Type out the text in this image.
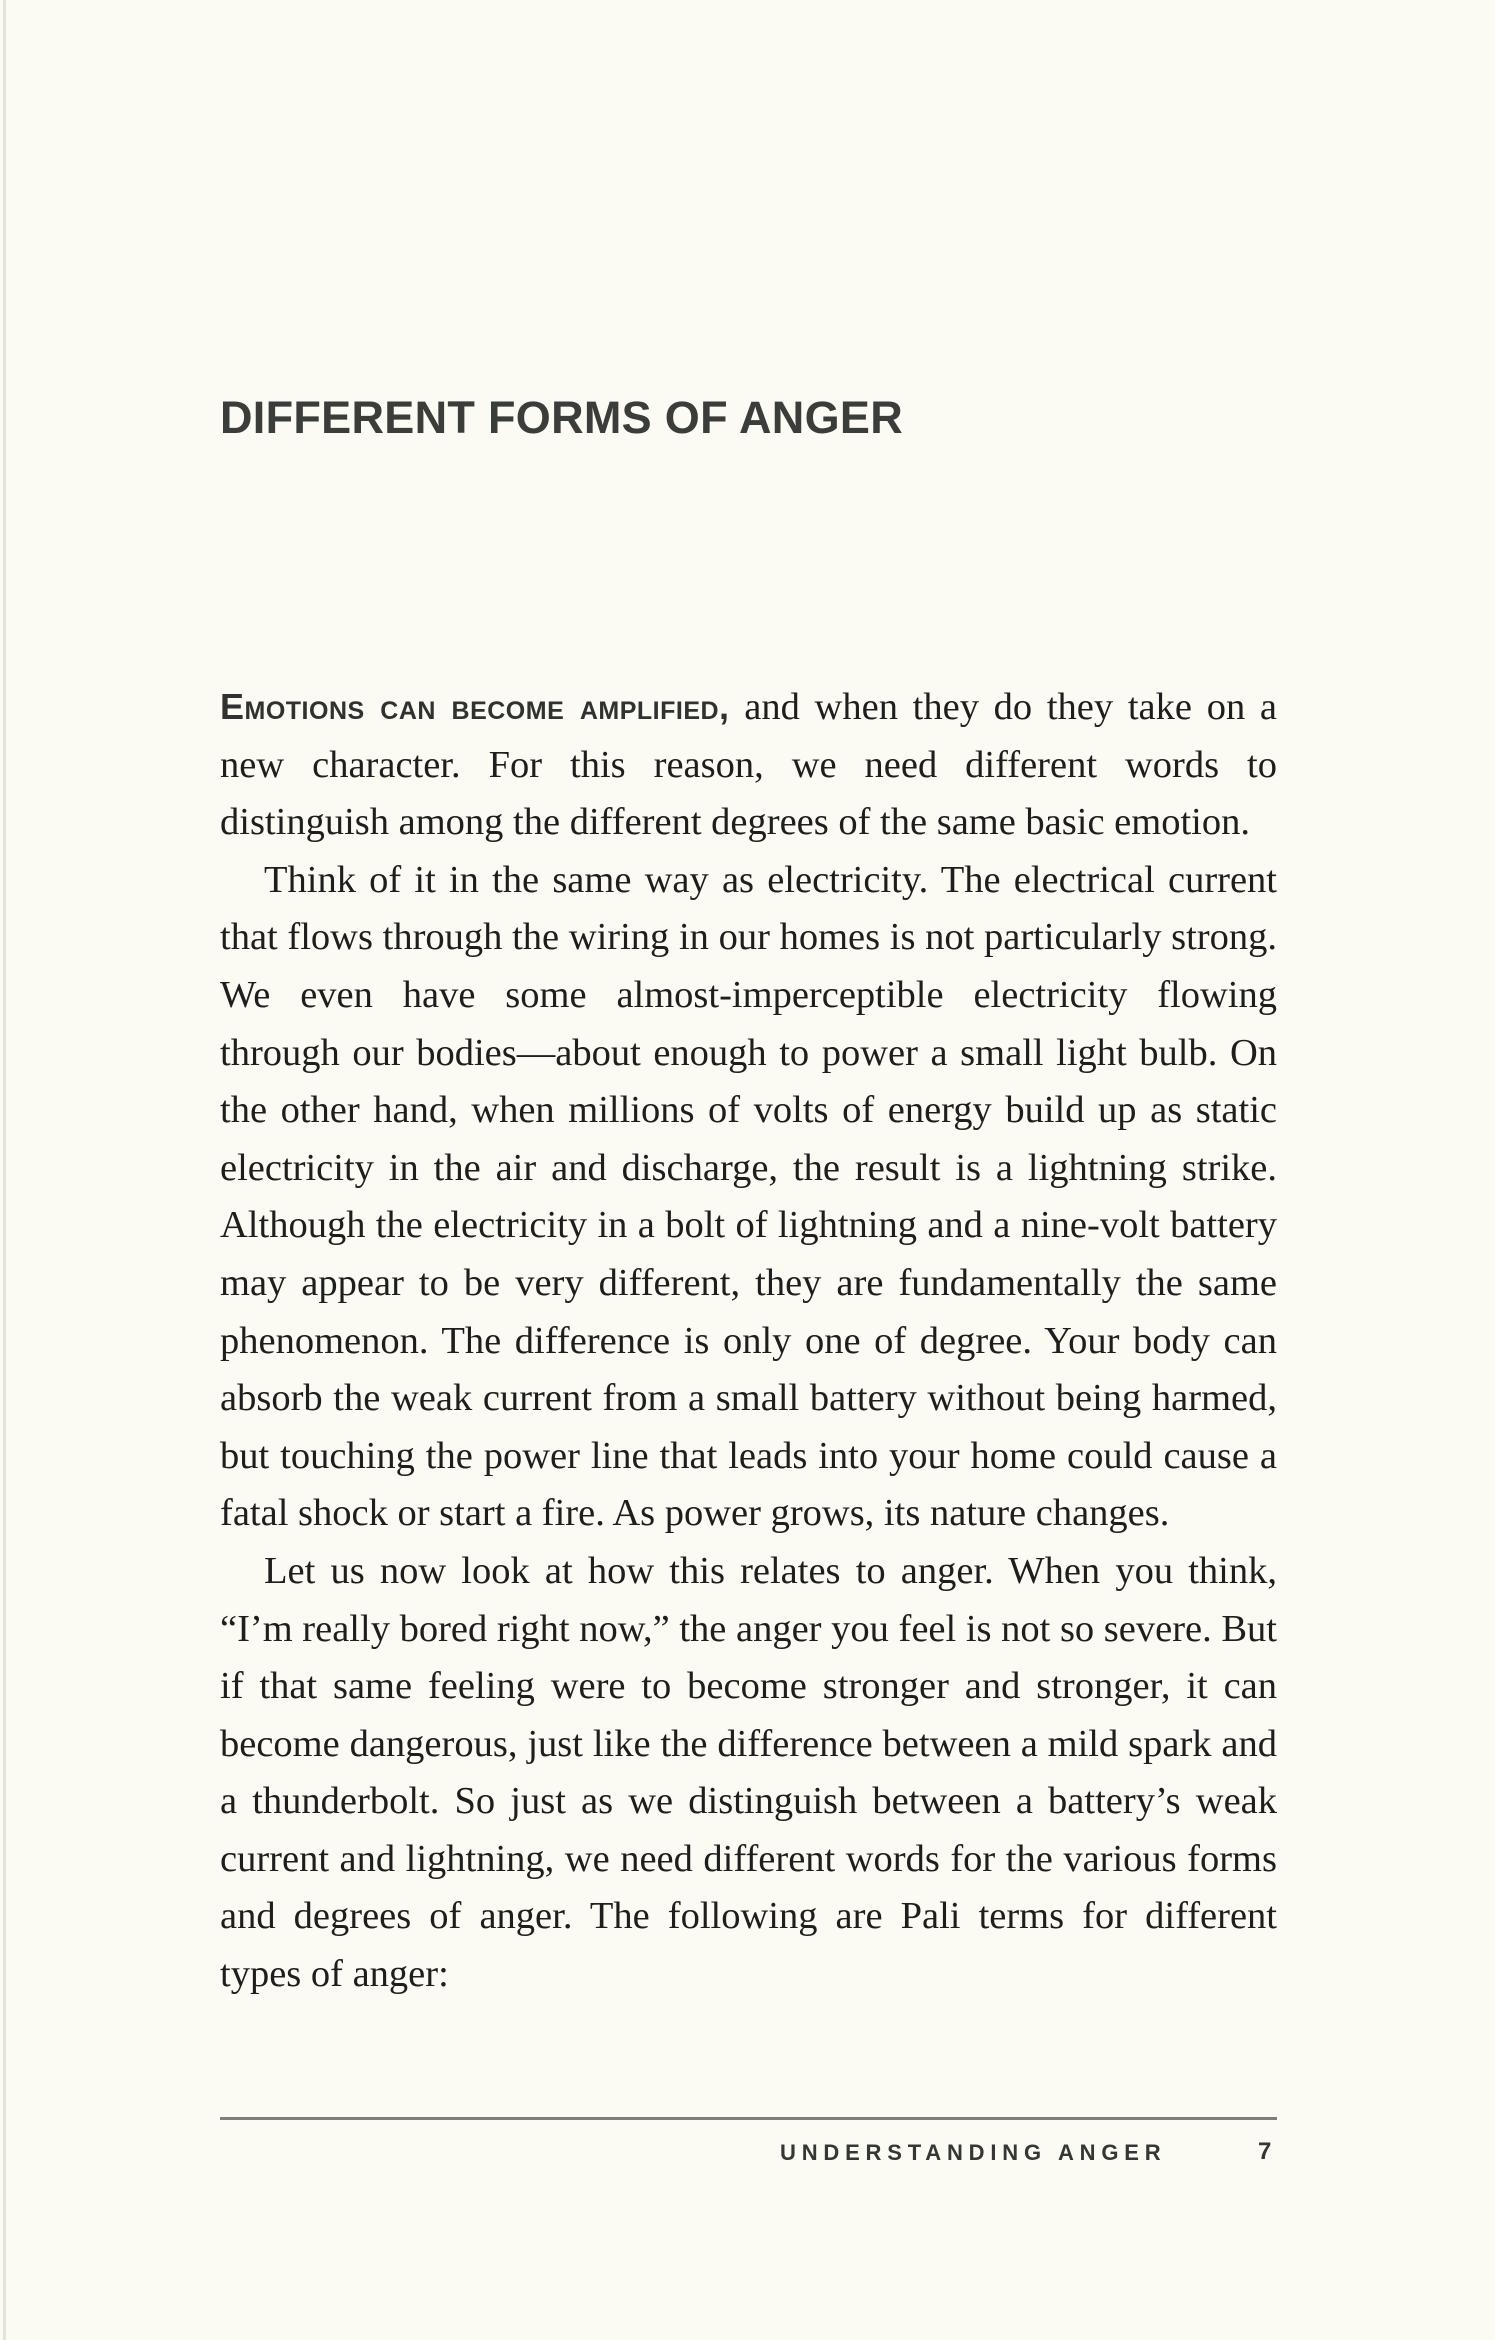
DIFFERENT FORMS OF ANGER

Emotions can become amplified, and when they do they take on a new character. For this reason, we need different words to distinguish among the different degrees of the same basic emotion.

Think of it in the same way as electricity. The electrical current that flows through the wiring in our homes is not particularly strong. We even have some almost-imperceptible electricity flowing through our bodies—about enough to power a small light bulb. On the other hand, when millions of volts of energy build up as static electricity in the air and discharge, the result is a lightning strike. Although the electricity in a bolt of lightning and a nine-volt battery may appear to be very different, they are fundamentally the same phenomenon. The difference is only one of degree. Your body can absorb the weak current from a small battery without being harmed, but touching the power line that leads into your home could cause a fatal shock or start a fire. As power grows, its nature changes.

Let us now look at how this relates to anger. When you think, “I’m really bored right now,” the anger you feel is not so severe. But if that same feeling were to become stronger and stronger, it can become dangerous, just like the difference between a mild spark and a thunderbolt. So just as we distinguish between a battery’s weak current and lightning, we need different words for the various forms and degrees of anger. The following are Pali terms for different types of anger:

UNDERSTANDING ANGER	7
